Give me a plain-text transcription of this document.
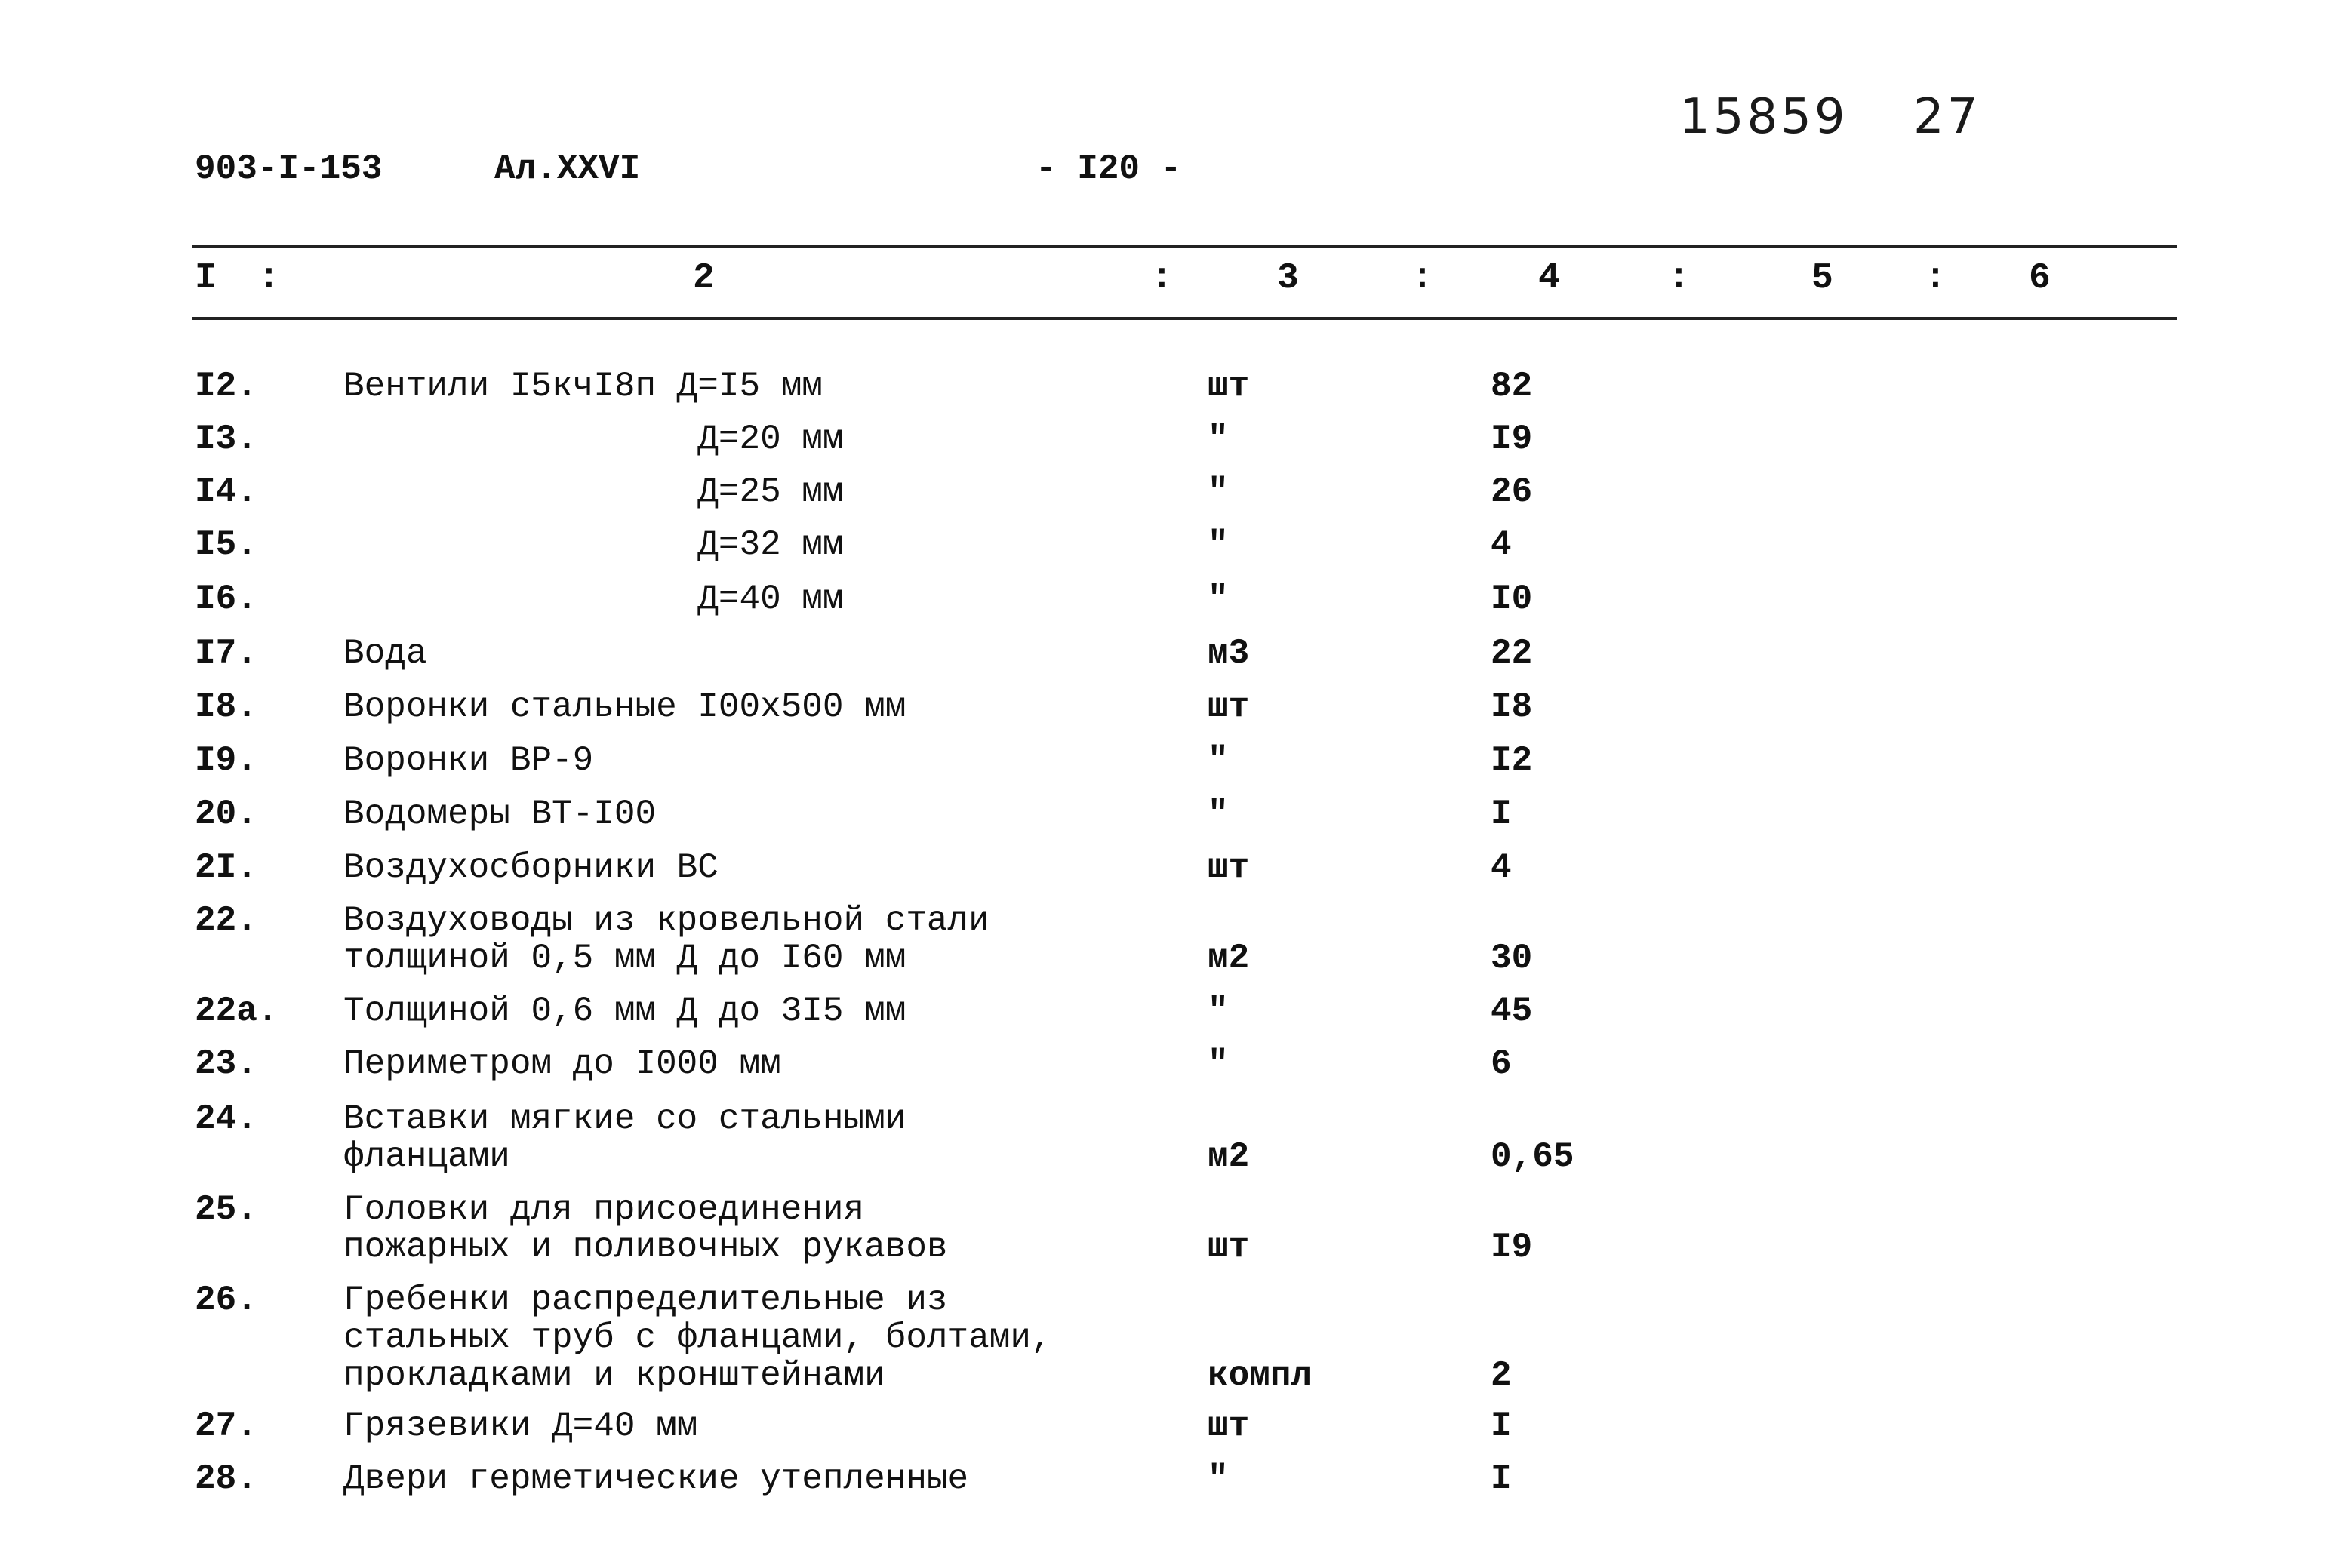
15859 27
903-I-153	Ал.XXVI	- I20 -
I :	2	:	3	:	4	:	5	: 6
I2. Вентили I5кчI8п Д=I5 мм	шт	82
I3. Д=20 мм	"	I9
I4. Д=25 мм	"	26
I5. Д=32 мм	"	4
I6. Д=40 мм	"	I0
I7. Вода	м3	22
I8. Воронки стальные I00х500 мм	шт	I8
I9. Воронки ВР-9	"	I2
20. Водомеры ВТ-I00	"	I
2I. Воздухосборники ВС	шт	4
22. Воздуховоды из кровельной стали
толщиной 0,5 мм Д до I60 мм	м2	30
22а. Толщиной 0,6 мм Д до 3I5 мм	"	45
23. Периметром до I000 мм	"	6
24. Вставки мягкие со стальными
фланцами	м2	0,65
25. Головки для присоединения
пожарных и поливочных рукавов	шт	I9
26. Гребенки распределительные из
стальных труб с фланцами, болтами,
прокладками и кронштейнами	компл	2
27. Грязевики Д=40 мм	шт	I
28. Двери герметические утепленные	"	I
